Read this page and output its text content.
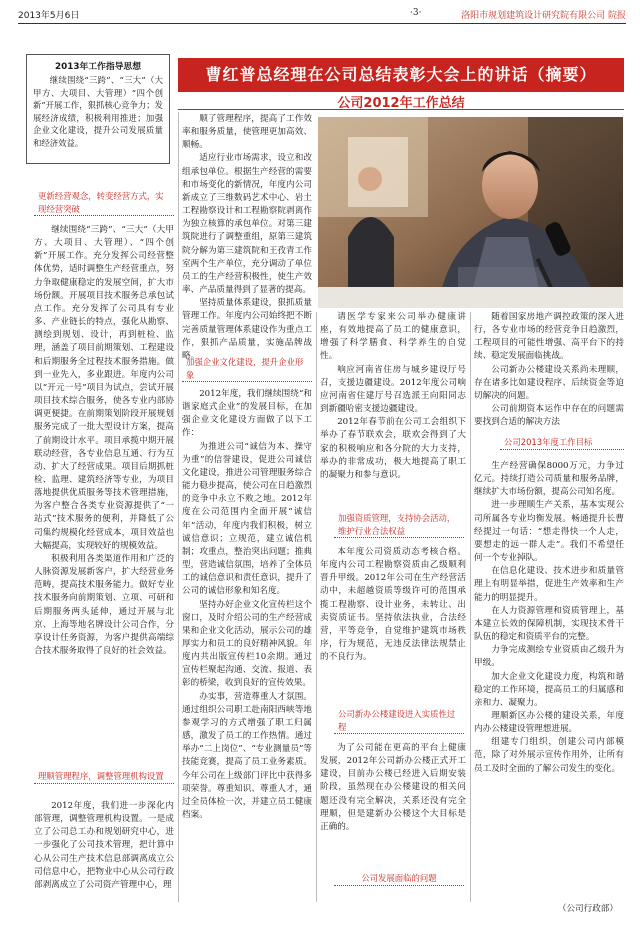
2013年5月6日	·3·	洛阳市规划建筑设计研究院有限公司 院报
2013年工作指导思想

继续围绕“三跨”、“三大”（大甲方、大项目、大管理）“四个创新”开展工作，狠抓核心竞争力；发展经济成绩，积极利用推进；加强企业文化建设，提升公司发展质量和经济效益。

曹红普总经理在公司总结表彰大会上的讲话（摘要）
公司2012年工作总结
更新经营观念，转变经营方式，实现经营突破

继续围绕“三跨”、“三大”（大甲方、大项目、大管理）、“四个创新”开展工作。充分发挥公司经营整体优势，适时调整生产经营重点，努力争取健康稳定的发展空间，扩大市场份额。开展项目技术服务总承包试点工作。充分发挥了公司具有专业多、产业链长的特点，强化从勘察、测绘到规划、设计，再到桩检、监理，涵盖了项目前期策划、工程建设和后期服务全过程技术服务措施。做到一业先入，多业跟进。年度内公司以“开元一号”项目为试点，尝试开展项目技术综合服务，使各专业内部协调更便捷。在前期策划阶段开展规划服务完成了一批大型设计方案，提高了前期设计水平。项目承揽中期开展联动经营，各专业信息互通、行为互动、扩大了经营成果。项目后期抓桩检、监理、建筑经济等专业，为项目落地提供优质服务等技术管理措施，为客户整合各类专业资源提供了“一站式”技术服务的便利，并降低了公司集约规模化经营成本，项目效益也大幅提高，实现较好的规模效益。

积极利用各类渠道作用和广泛的人脉资源发展新客户，扩大经营业务范畴，提高技术服务能力。做好专业技术服务向前期策划、立项、可研和后期服务两头延伸，通过开展与北京、上海等地名牌设计公司合作，分享设计任务资源，为客户提供高端综合技术服务取得了良好的社会效益。

理顺管理程序，调整管理机构设置

2012年度，我们进一步深化内部管理，调整管理机构设置。一是成立了公司总工办和规划研究中心，进一步强化了公司技术管理，把计算中心从公司生产技术信息部调离成立公司信息中心，把物业中心从公司行政部剥离成立了公司资产管理中心，理

顺了管理程序，提高了工作效率和服务质量，使管理更加高效、顺畅。

适应行业市场需求，设立和改组承包单位。根据生产经营的需要和市场变化的新情况，年度内公司新成立了三维数码艺术中心、岩土工程勘察设计和工程勘察院剥离作为独立核算的承包单位。对第三建筑院进行了调整重组，原第三建筑院分解为第三建筑院和王孜青工作室两个生产单位，充分调动了单位员工的生产经营积极性，使生产效率、产品质量得到了显著的提高。

坚持质量体系建设，狠抓质量管理工作。年度内公司始终把不断完善质量管理体系建设作为重点工作，狠抓产品质量，实施品牌战略。

加强企业文化建设，提升企业形象

2012年度，我们继续围绕“和谐家庭式企业”的发展目标，在加强企业文化建设方面做了以下工作：

为推进公司“诚信为本、操守为重”的信誉建设，促进公司诚信文化建设，推进公司管理服务综合能力稳步提高，使公司在日趋激烈的竞争中永立不败之地。2012年度在公司范围内全面开展“诚信年”活动，年度内我们积极，树立诚信意识；立规范，建立诚信机制；攻重点，整治突出问题；推典型，营造诚信氛围，培养了全体员工的诚信意识和责任意识，提升了公司的诚信形象和知名度。

坚持办好企业文化宣传栏这个窗口，及时介绍公司的生产经营成果和企业文化活动，展示公司的雄厚实力和员工的良好精神风貌。年度内共出版宣传栏10余期。通过宣传栏聚起沟通、交流、报道、表彰的桥梁，收到良好的宣传效果。

办实事，营造尊重人才氛围。通过组织公司职工赴南阳西峡等地参观学习的方式增强了职工归属感，激发了员工的工作热情。通过举办“二上岗位”、“专业测量员”等技能竞赛，提高了员工业务素质。今年公司在上级部门评比中获得多项荣誉。尊重知识、尊重人才，通过全员体检一次，并建立员工健康档案。

请医学专家来公司举办健康讲座，有效地提高了员工的健康意识，增强了科学膳食、科学养生的自觉性。

响应河南省住房与城乡建设厅号召，支援边疆建设。2012年度公司响应河南省住建厅号召选派王向阳同志到新疆哈密支援边疆建设。

2012年春节前在公司工会组织下举办了春节联欢会，联欢会得到了大家的积极响应和各分院的大力支持，举办的非常成功，极大地提高了职工的凝聚力和参与意识。

加强资质管理，支持协会活动，维护行业合法权益

本年度公司资质动态考核合格。年度内公司工程勘察资质由乙级顺利晋升甲级。2012年公司在生产经营活动中，未超越资质等级许可的范围承揽工程勘察、设计业务，未转让、出卖资质证书。坚持依法执业，合法经营，平等竞争，自觉维护建筑市场秩序，行为规范，无违反法律法规禁止的不良行为。

公司新办公楼建设进入实质性过程

为了公司能在更高的平台上健康发展，2012年公司新办公楼正式开工建设，目前办公楼已经进入后期安装阶段，虽然现在办公楼建设的相关问题还没有完全解决，关系还没有完全理顺，但是建新办公楼这个大目标是正确的。

公司发展面临的问题

随着国家房地产调控政策的深入进行，各专业市场的经营竞争日趋激烈，工程项目的可能性增强、高平台下的持续、稳定发展面临挑战。

公司新办公楼建设关系尚未理顺，存在诸多比如建设程序、后续资金等迫切解决的问题。

公司前期资本运作中存在的问题需要找到合适的解决方法

公司2013年度工作目标

生产经营确保8000万元，力争过亿元。持续打造公司质量和服务品牌，继续扩大市场份额，提高公司知名度。

进一步理顺生产关系，基本实现公司所属各专业均衡发展。畅通提升长曹经提过一句话：“想走得快一个人走，要想走的远一群人走”。我们不希望任何一个专业掉队。

在信息化建设、技术进步和质量管理上有明显举措，促进生产效率和生产能力的明显提升。

在人力资源管理和资质管理上，基本建立长效的保障机制，实现技术骨干队伍的稳定和资质平台的完整。

力争完成测绘专业资质由乙级升为甲级。

加大企业文化建设力度，构筑和谐稳定的工作环境，提高员工的归属感和亲和力、凝聚力。

理顺新区办公楼的建设关系，年度内办公楼建设管理想进展。

组建专门组织，创建公司内部模范，除了对外展示宣传作用外，让所有员工及时全面的了解公司发生的变化。

（公司行政部）
